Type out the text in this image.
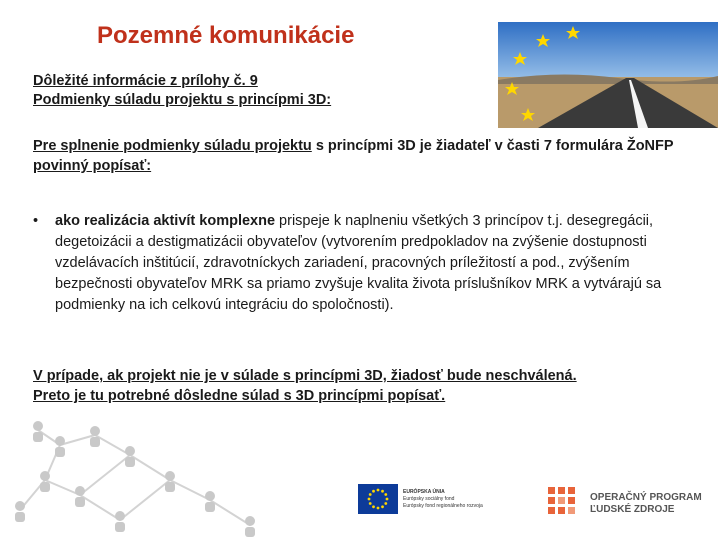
Pozemné komunikácie
Dôležité informácie z prílohy č. 9
Podmienky súladu projektu s princípmi 3D:
Pre splnenie podmienky súladu projektu s princípmi 3D je žiadateľ v časti 7 formulára ŽoNFP povinný popísať:
• ako realizácia aktivít komplexne prispeje k naplneniu všetkých 3 princípov t.j. desegregácii, degetoizácii a destigmatizácii obyvateľov (vytvorením predpokladov na zvýšenie dostupnosti vzdelávacích inštitúcií, zdravotníckych zariadení, pracovných príležitostí a pod., zvýšením bezpečnosti obyvateľov MRK sa priamo zvyšuje kvalita života príslušníkov MRK a vytvárajú sa podmienky na ich celkovú integráciu do spoločnosti).
V prípade, ak projekt nie je v súlade s princípmi 3D, žiadosť bude neschválená.
Preto je tu potrebné dôsledne súlad s 3D princípmi popísať.
EURÓPSKA ÚNIA
Európsky sociálny fond
Európsky fond regionálneho rozvoja
OPERAČNÝ PROGRAM
ĽUDSKÉ ZDROJE
